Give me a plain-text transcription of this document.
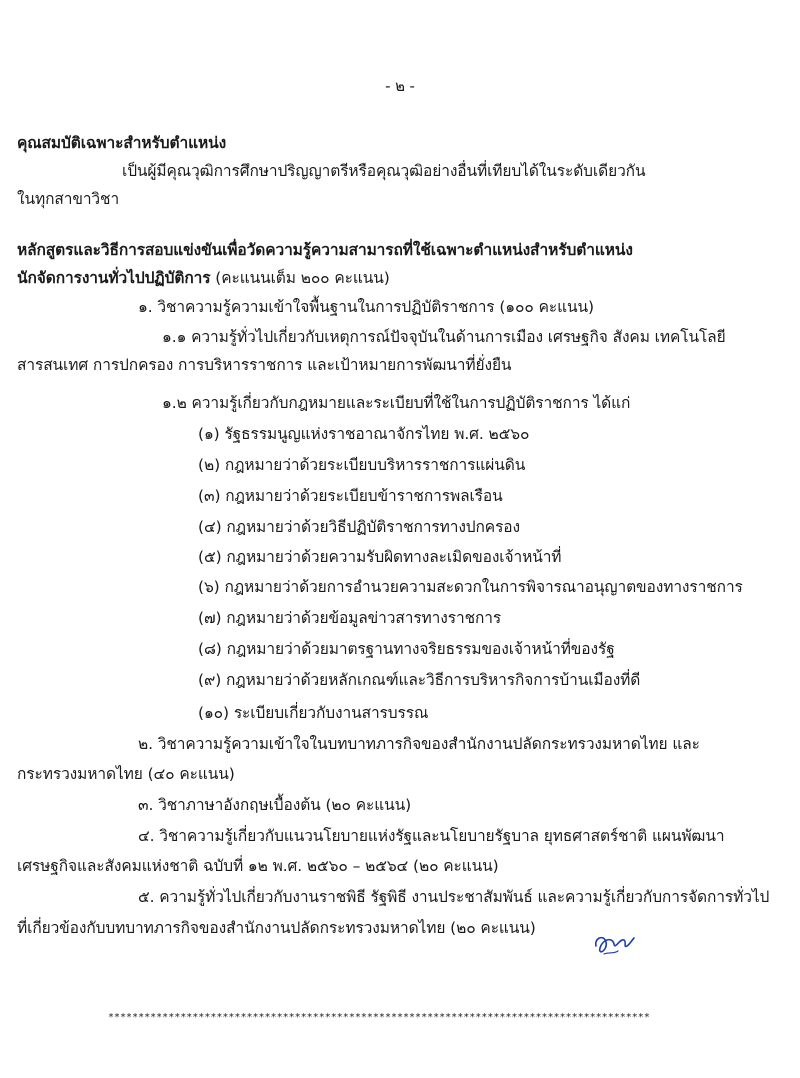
- ๒ -
คุณสมบัติเฉพาะสำหรับตำแหน่ง
เป็นผู้มีคุณวุฒิการศึกษาปริญญาตรีหรือคุณวุฒิอย่างอื่นที่เทียบได้ในระดับเดียวกัน
ในทุกสาขาวิชา
หลักสูตรและวิธีการสอบแข่งขันเพื่อวัดความรู้ความสามารถที่ใช้เฉพาะตำแหน่งสำหรับตำแหน่ง
นักจัดการงานทั่วไปปฏิบัติการ (คะแนนเต็ม ๒๐๐ คะแนน)
๑. วิชาความรู้ความเข้าใจพื้นฐานในการปฏิบัติราชการ (๑๐๐ คะแนน)
๑.๑ ความรู้ทั่วไปเกี่ยวกับเหตุการณ์ปัจจุบันในด้านการเมือง เศรษฐกิจ สังคม เทคโนโลยี
สารสนเทศ การปกครอง การบริหารราชการ และเป้าหมายการพัฒนาที่ยั่งยืน
๑.๒ ความรู้เกี่ยวกับกฎหมายและระเบียบที่ใช้ในการปฏิบัติราชการ ได้แก่
(๑) รัฐธรรมนูญแห่งราชอาณาจักรไทย พ.ศ. ๒๕๖๐
(๒) กฎหมายว่าด้วยระเบียบบริหารราชการแผ่นดิน
(๓) กฎหมายว่าด้วยระเบียบข้าราชการพลเรือน
(๔) กฎหมายว่าด้วยวิธีปฏิบัติราชการทางปกครอง
(๕) กฎหมายว่าด้วยความรับผิดทางละเมิดของเจ้าหน้าที่
(๖) กฎหมายว่าด้วยการอำนวยความสะดวกในการพิจารณาอนุญาตของทางราชการ
(๗) กฎหมายว่าด้วยข้อมูลข่าวสารทางราชการ
(๘) กฎหมายว่าด้วยมาตรฐานทางจริยธรรมของเจ้าหน้าที่ของรัฐ
(๙) กฎหมายว่าด้วยหลักเกณฑ์และวิธีการบริหารกิจการบ้านเมืองที่ดี
(๑๐) ระเบียบเกี่ยวกับงานสารบรรณ
๒. วิชาความรู้ความเข้าใจในบทบาทภารกิจของสำนักงานปลัดกระทรวงมหาดไทย และ
กระทรวงมหาดไทย (๔๐ คะแนน)
๓. วิชาภาษาอังกฤษเบื้องต้น (๒๐ คะแนน)
๔. วิชาความรู้เกี่ยวกับแนวนโยบายแห่งรัฐและนโยบายรัฐบาล ยุทธศาสตร์ชาติ แผนพัฒนา
เศรษฐกิจและสังคมแห่งชาติ ฉบับที่ ๑๒ พ.ศ. ๒๕๖๐ – ๒๕๖๔ (๒๐ คะแนน)
๕. ความรู้ทั่วไปเกี่ยวกับงานราชพิธี รัฐพิธี งานประชาสัมพันธ์ และความรู้เกี่ยวกับการจัดการทั่วไป
ที่เกี่ยวข้องกับบทบาทภารกิจของสำนักงานปลัดกระทรวงมหาดไทย (๒๐ คะแนน)
******************************************************************************************
